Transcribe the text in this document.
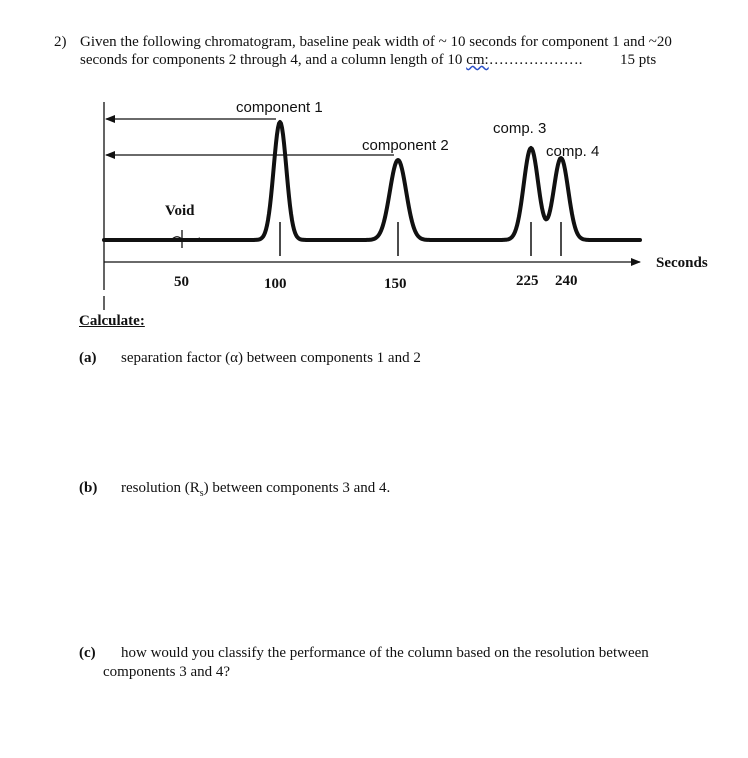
2) Given the following chromatogram, baseline peak width of ~ 10 seconds for component 1 and ~20
seconds for components 2 through 4, and a column length of 10 cm:……………….	15 pts
component 1
component 2
comp. 3
comp. 4
Void
Seconds
50	100	150	225 240
Calculate:
(a) separation factor (α) between components 1 and 2
(b) resolution $(R_s)$ between components 3 and 4.
(c) how would you classify the performance of the column based on the resolution between
components 3 and 4?
